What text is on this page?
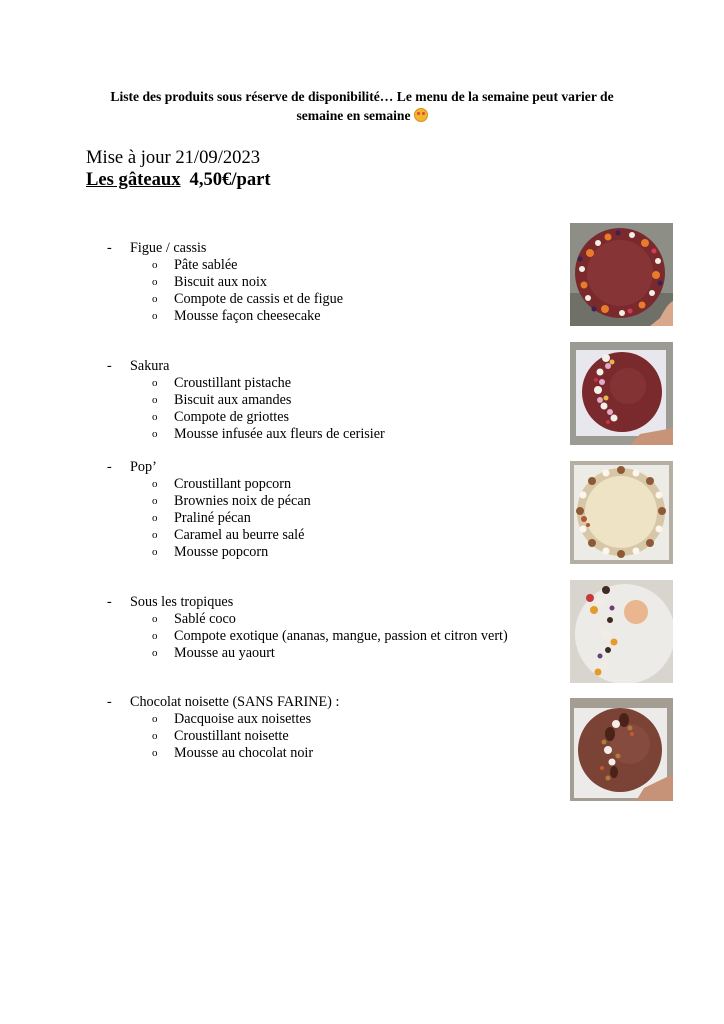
Liste des produits sous réserve de disponibilité… Le menu de la semaine peut varier de
semaine en semaine
Mise à jour 21/09/2023
Les gâteaux 4,50€/part
- Figue / cassis
o Pâte sablée
o Biscuit aux noix
o Compote de cassis et de figue
o Mousse façon cheesecake
- Sakura
o Croustillant pistache
o Biscuit aux amandes
o Compote de griottes
o Mousse infusée aux fleurs de cerisier
- Pop’
o Croustillant popcorn
o Brownies noix de pécan
o Praliné pécan
o Caramel au beurre salé
o Mousse popcorn
- Sous les tropiques
o Sablé coco
o Compote exotique (ananas, mangue, passion et citron vert)
o Mousse au yaourt
- Chocolat noisette (SANS FARINE) :
o Dacquoise aux noisettes
o Croustillant noisette
o Mousse au chocolat noir
